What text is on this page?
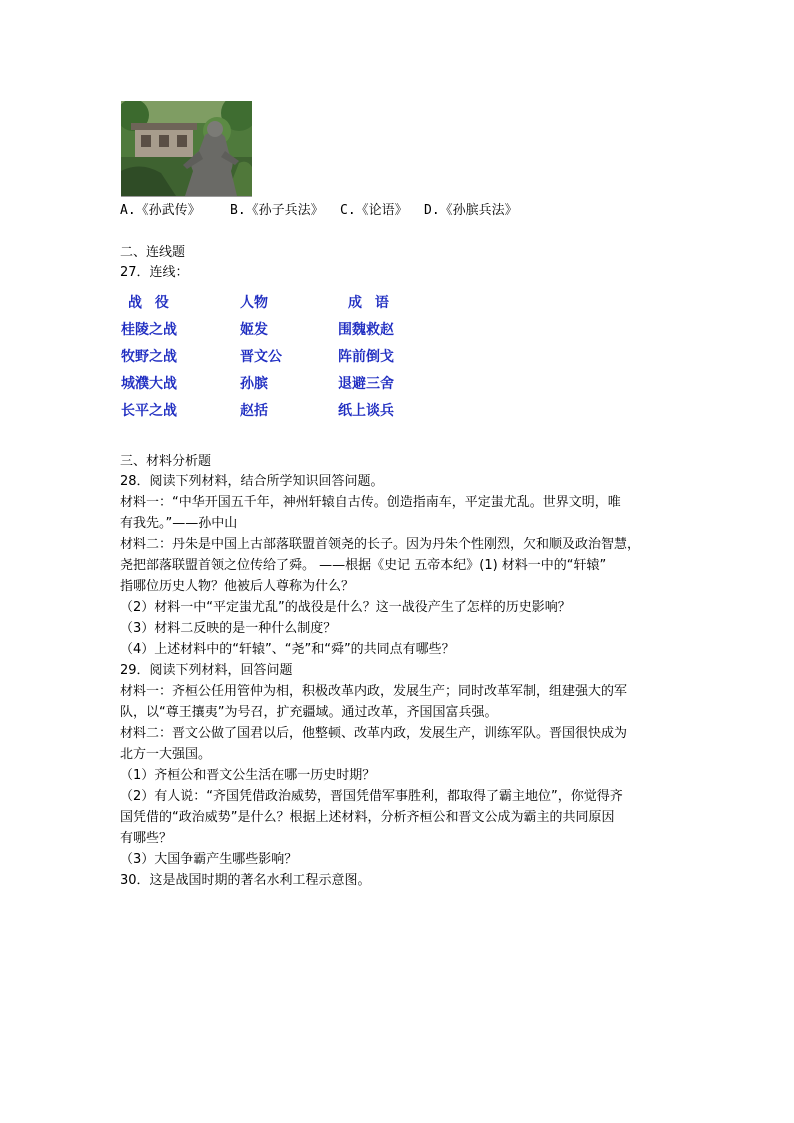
A.《孙武传》 B.《孙子兵法》 C.《论语》 D.《孙膑兵法》
二、连线题
27．连线：
战 役	人物	成 语
桂陵之战	姬发	围魏救赵
牧野之战	晋文公	阵前倒戈
城濮大战	孙膑	退避三舍
长平之战	赵括	纸上谈兵
三、材料分析题
28．阅读下列材料，结合所学知识回答问题。
材料一：“中华开国五千年，神州轩辕自古传。创造指南车，平定蚩尤乱。世界文明，唯
有我先。”——孙中山
材料二：丹朱是中国上古部落联盟首领尧的长子。因为丹朱个性刚烈，欠和顺及政治智慧，
尧把部落联盟首领之位传给了舜。 ——根据《史记 五帝本纪》(1) 材料一中的“轩辕”
指哪位历史人物？他被后人尊称为什么？
（2）材料一中“平定蚩尤乱”的战役是什么？这一战役产生了怎样的历史影响？
（3）材料二反映的是一种什么制度？
（4）上述材料中的“轩辕”、“尧”和“舜”的共同点有哪些？
29．阅读下列材料，回答问题
材料一：齐桓公任用管仲为相，积极改革内政，发展生产；同时改革军制，组建强大的军
队，以“尊王攘夷”为号召，扩充疆域。通过改革，齐国国富兵强。
材料二：晋文公做了国君以后，他整顿、改革内政，发展生产，训练军队。晋国很快成为
北方一大强国。
（1）齐桓公和晋文公生活在哪一历史时期？
（2）有人说：“齐国凭借政治威势，晋国凭借军事胜利，都取得了霸主地位”，你觉得齐
国凭借的“政治威势”是什么？根据上述材料，分析齐桓公和晋文公成为霸主的共同原因
有哪些？
（3）大国争霸产生哪些影响？
30．这是战国时期的著名水利工程示意图。
